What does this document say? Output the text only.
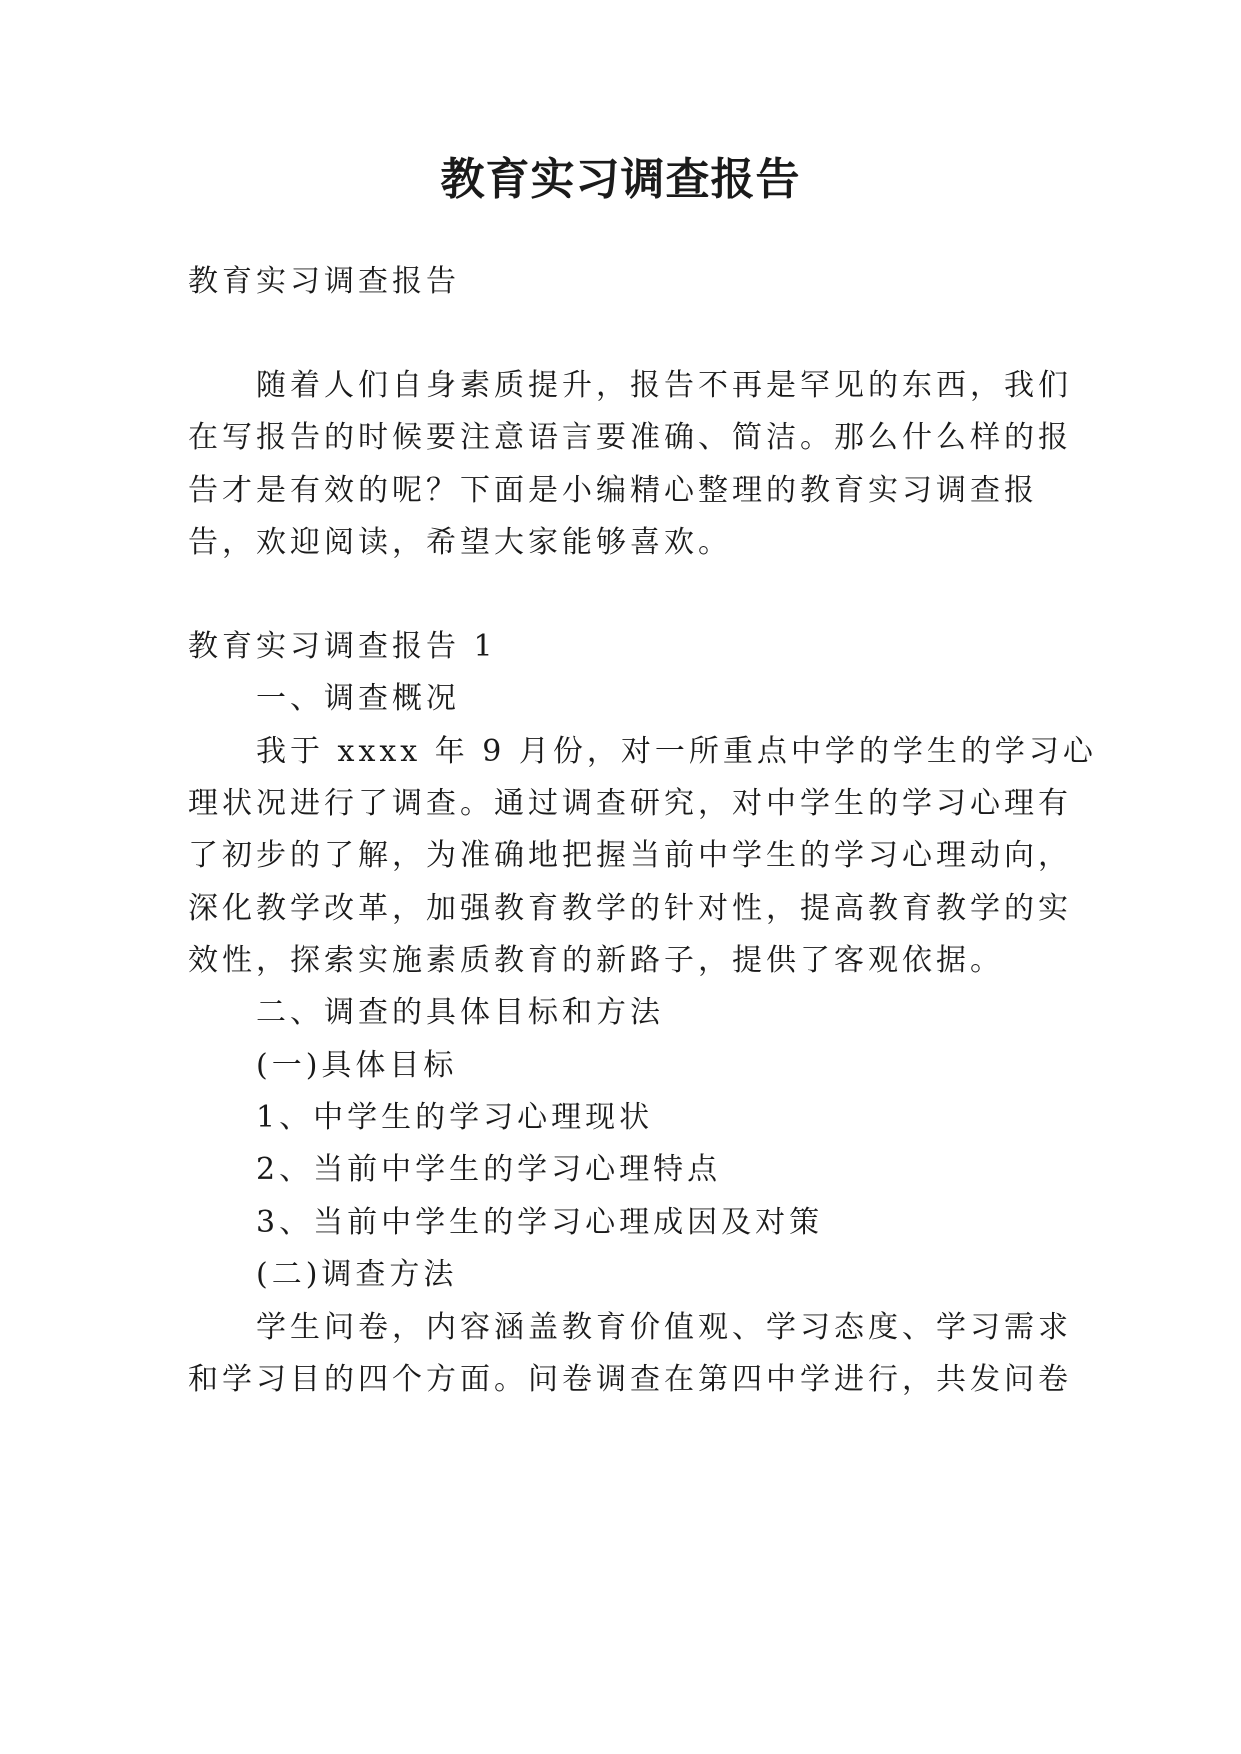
教育实习调查报告

教育实习调查报告

随着人们自身素质提升，报告不再是罕见的东西，我们

在写报告的时候要注意语言要准确、简洁。那么什么样的报

告才是有效的呢？下面是小编精心整理的教育实习调查报

告，欢迎阅读，希望大家能够喜欢。

教育实习调查报告 1

一、调查概况

我于 xxxx 年 9 月份，对一所重点中学的学生的学习心

理状况进行了调查。通过调查研究，对中学生的学习心理有

了初步的了解，为准确地把握当前中学生的学习心理动向，

深化教学改革，加强教育教学的针对性，提高教育教学的实

效性，探索实施素质教育的新路子，提供了客观依据。

二、调查的具体目标和方法

(一)具体目标

1、中学生的学习心理现状

2、当前中学生的学习心理特点

3、当前中学生的学习心理成因及对策

(二)调查方法

学生问卷，内容涵盖教育价值观、学习态度、学习需求

和学习目的四个方面。问卷调查在第四中学进行，共发问卷
